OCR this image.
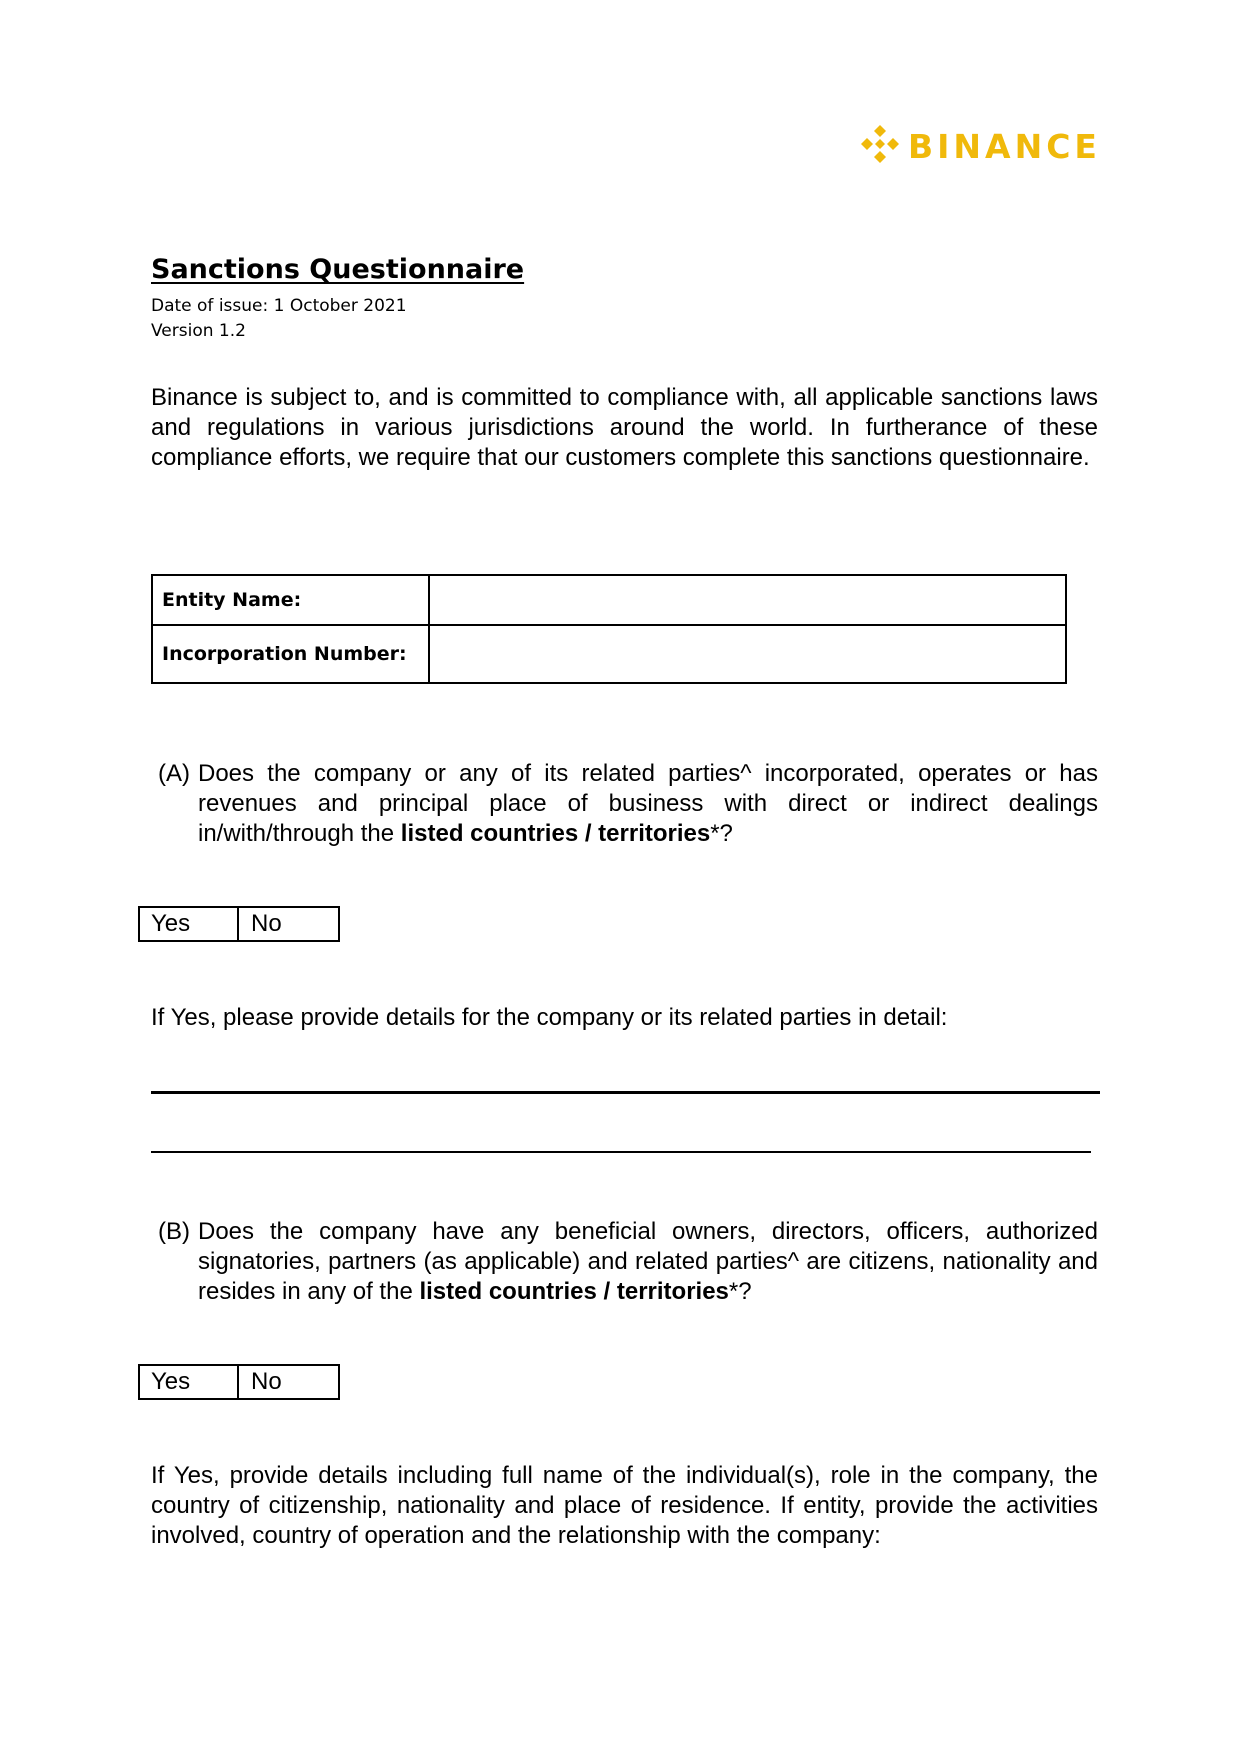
BINANCE
Sanctions Questionnaire
Date of issue: 1 October 2021
Version 1.2
Binance is subject to, and is committed to compliance with, all applicable sanctions laws and regulations in various jurisdictions around the world. In furtherance of these compliance efforts, we require that our customers complete this sanctions questionnaire.
Entity Name:	
Incorporation Number:	
(A) Does the company or any of its related parties^ incorporated, operates or has revenues and principal place of business with direct or indirect dealings in/with/through the listed countries / territories*?
Yes	No
If Yes, please provide details for the company or its related parties in detail:
(B) Does the company have any beneficial owners, directors, officers, authorized signatories, partners (as applicable) and related parties^ are citizens, nationality and resides in any of the listed countries / territories*?
Yes	No
If Yes, provide details including full name of the individual(s), role in the company, the country of citizenship, nationality and place of residence. If entity, provide the activities involved, country of operation and the relationship with the company:
